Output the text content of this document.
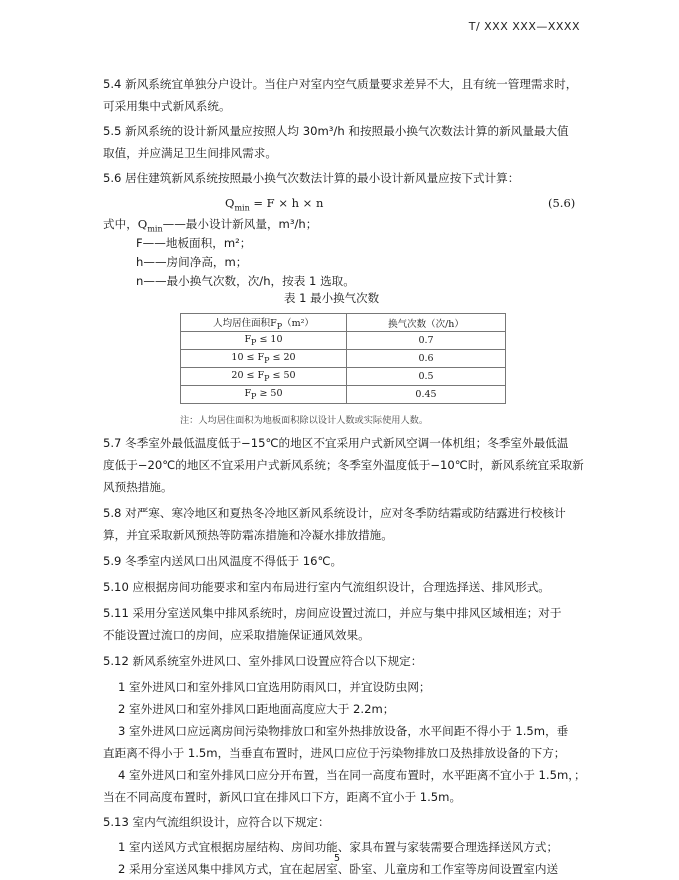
T/ XXX XXX—XXXX
5.4 新风系统宜单独分户设计。当住户对室内空气质量要求差异不大，且有统一管理需求时，
可采用集中式新风系统。
5.5 新风系统的设计新风量应按照人均 30m³/h 和按照最小换气次数法计算的新风量最大值
取值，并应满足卫生间排风需求。
5.6 居住建筑新风系统按照最小换气次数法计算的最小设计新风量应按下式计算：
$Q_{min} = F \times h \times n$	(5.6)
式中，$Q_{min}——$最小设计新风量，m³/h；
F——地板面积，m²；
h——房间净高，m；
n——最小换气次数，次/h，按表 1 选取。
表 1 最小换气次数
人均居住面积$F_P(m^2)$	换气次数（次/h）
$F_P \le 10$	0.7
$10 \le F_P \le 20$	0.6
$20 \le F_P \le 50$	0.5
$F_P \ge 50$	0.45
注：人均居住面积为地板面积除以设计人数或实际使用人数。
5.7 冬季室外最低温度低于−15℃的地区不宜采用户式新风空调一体机组；冬季室外最低温
度低于−20℃的地区不宜采用户式新风系统；冬季室外温度低于−10℃时，新风系统宜采取新
风预热措施。
5.8 对严寒、寒冷地区和夏热冬冷地区新风系统设计，应对冬季防结霜或防结露进行校核计
算，并宜采取新风预热等防霜冻措施和冷凝水排放措施。
5.9 冬季室内送风口出风温度不得低于 16℃。
5.10 应根据房间功能要求和室内布局进行室内气流组织设计，合理选择送、排风形式。
5.11 采用分室送风集中排风系统时，房间应设置过流口，并应与集中排风区域相连；对于
不能设置过流口的房间，应采取措施保证通风效果。
5.12 新风系统室外进风口、室外排风口设置应符合以下规定：
1 室外进风口和室外排风口宜选用防雨风口，并宜设防虫网；
2 室外进风口和室外排风口距地面高度应大于 2.2m；
3 室外进风口应远离房间污染物排放口和室外热排放设备，水平间距不得小于 1.5m，垂
直距离不得小于 1.5m，当垂直布置时，进风口应位于污染物排放口及热排放设备的下方；
4 室外进风口和室外排风口应分开布置，当在同一高度布置时，水平距离不宜小于 1.5m，；
当在不同高度布置时，新风口宜在排风口下方，距离不宜小于 1.5m。
5.13 室内气流组织设计，应符合以下规定：
1 室内送风方式宜根据房屋结构、房间功能、家具布置与家装需要合理选择送风方式；
2 采用分室送风集中排风方式，宜在起居室、卧室、儿童房和工作室等房间设置室内送
5
